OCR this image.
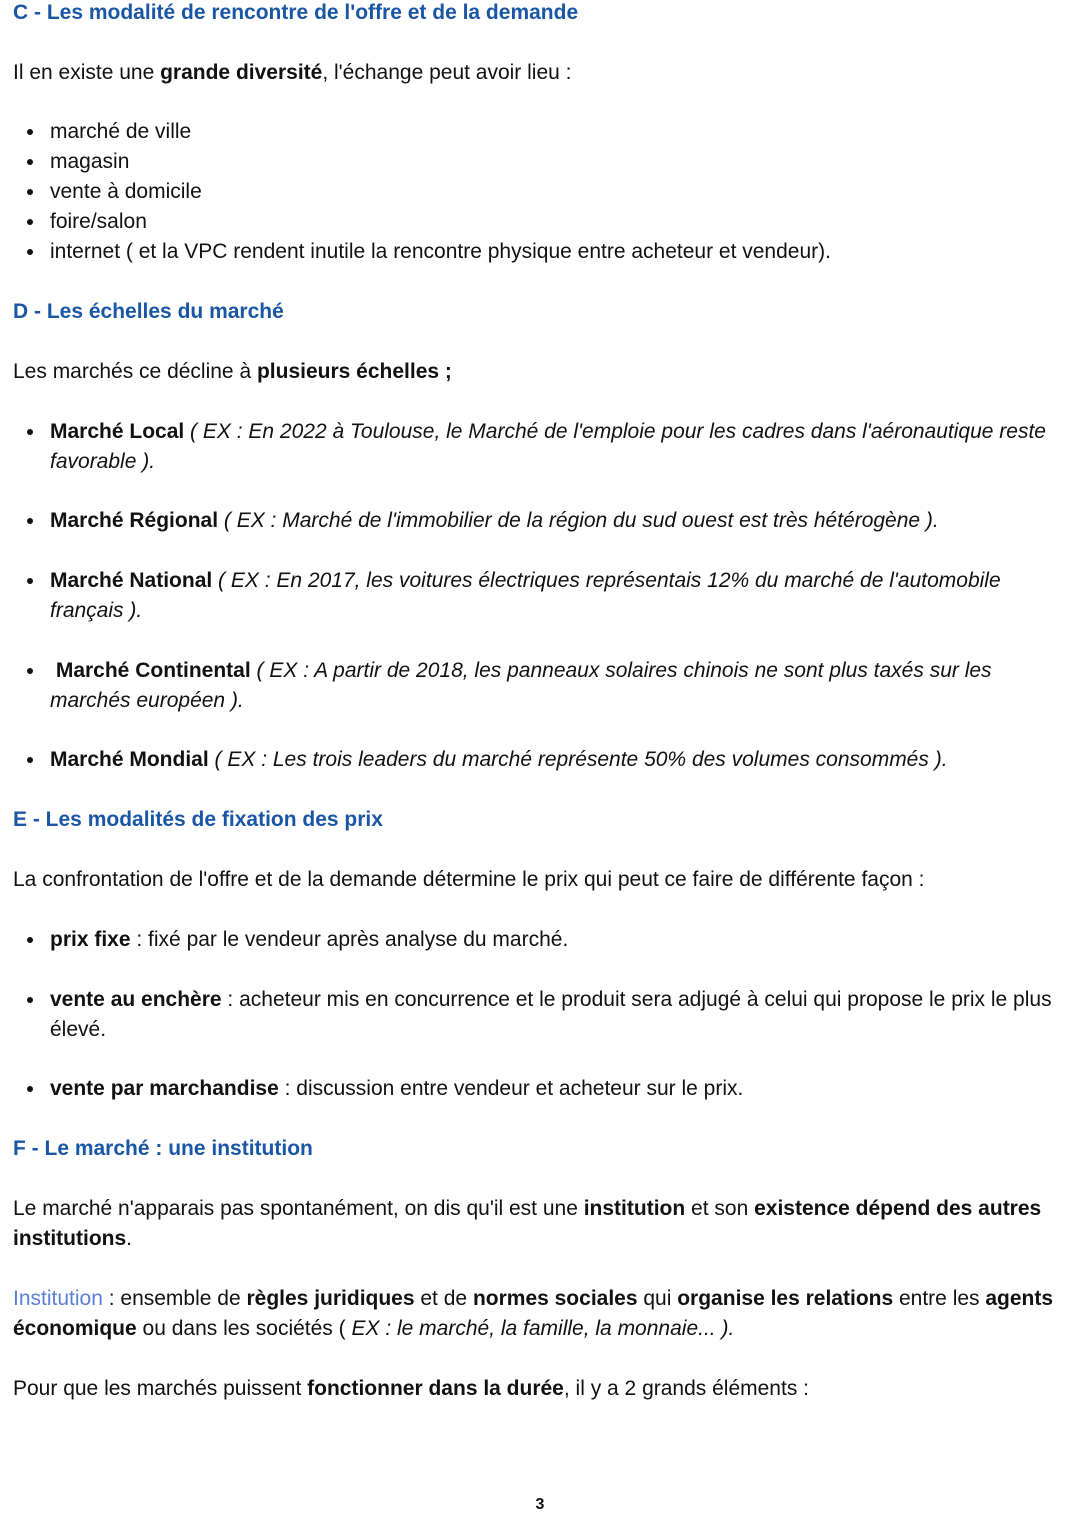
C - Les modalité de rencontre de l'offre et de la demande

Il en existe une grande diversité, l'échange peut avoir lieu :

marché de ville
magasin
vente à domicile
foire/salon
internet ( et la VPC rendent inutile la rencontre physique entre acheteur et vendeur).

D - Les échelles du marché

Les marchés ce décline à plusieurs échelles ;

Marché Local ( EX : En 2022 à Toulouse, le Marché de l'emploie pour les cadres dans l'aéronautique reste favorable ).
Marché Régional ( EX : Marché de l'immobilier de la région du sud ouest est très hétérogène ).
Marché National ( EX : En 2017, les voitures électriques représentais 12% du marché de l'automobile français ).
Marché Continental ( EX : A partir de 2018, les panneaux solaires chinois ne sont plus taxés sur les marchés européen ).
Marché Mondial ( EX : Les trois leaders du marché représente 50% des volumes consommés ).

E - Les modalités de fixation des prix

La confrontation de l'offre et de la demande détermine le prix qui peut ce faire de différente façon :

prix fixe : fixé par le vendeur après analyse du marché.
vente au enchère : acheteur mis en concurrence et le produit sera adjugé à celui qui propose le prix le plus élevé.
vente par marchandise : discussion entre vendeur et acheteur sur le prix.

F - Le marché : une institution

Le marché n'apparais pas spontanément, on dis qu'il est une institution et son existence dépend des autres institutions.

Institution : ensemble de règles juridiques et de normes sociales qui organise les relations entre les agents économique ou dans les sociétés ( EX : le marché, la famille, la monnaie... ).

Pour que les marchés puissent fonctionner dans la durée, il y a 2 grands éléments :

3
